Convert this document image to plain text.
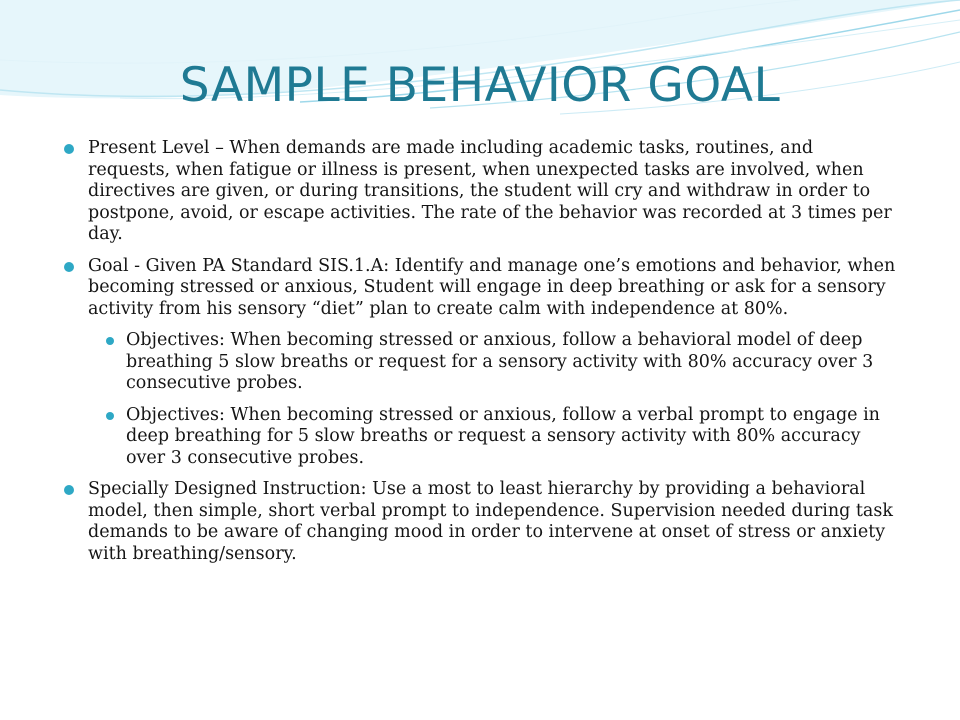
SAMPLE BEHAVIOR GOAL
Present Level – When demands are made including academic tasks, routines, and requests, when fatigue or illness is present, when unexpected tasks are involved, when directives are given, or during transitions, the student will cry and withdraw in order to postpone, avoid, or escape activities. The rate of the behavior was recorded at 3 times per day.
Goal - Given PA Standard SIS.1.A: Identify and manage one’s emotions and behavior, when becoming stressed or anxious, Student will engage in deep breathing or ask for a sensory activity from his sensory “diet” plan to create calm with independence at 80%.
Objectives: When becoming stressed or anxious, follow a behavioral model of deep breathing 5 slow breaths or request for a sensory activity with 80% accuracy over 3 consecutive probes.
Objectives: When becoming stressed or anxious, follow a verbal prompt to engage in deep breathing for 5 slow breaths or request a sensory activity with 80% accuracy over 3 consecutive probes.
Specially Designed Instruction: Use a most to least hierarchy by providing a behavioral model, then simple, short verbal prompt to independence. Supervision needed during task demands to be aware of changing mood in order to intervene at onset of stress or anxiety with breathing/sensory.
